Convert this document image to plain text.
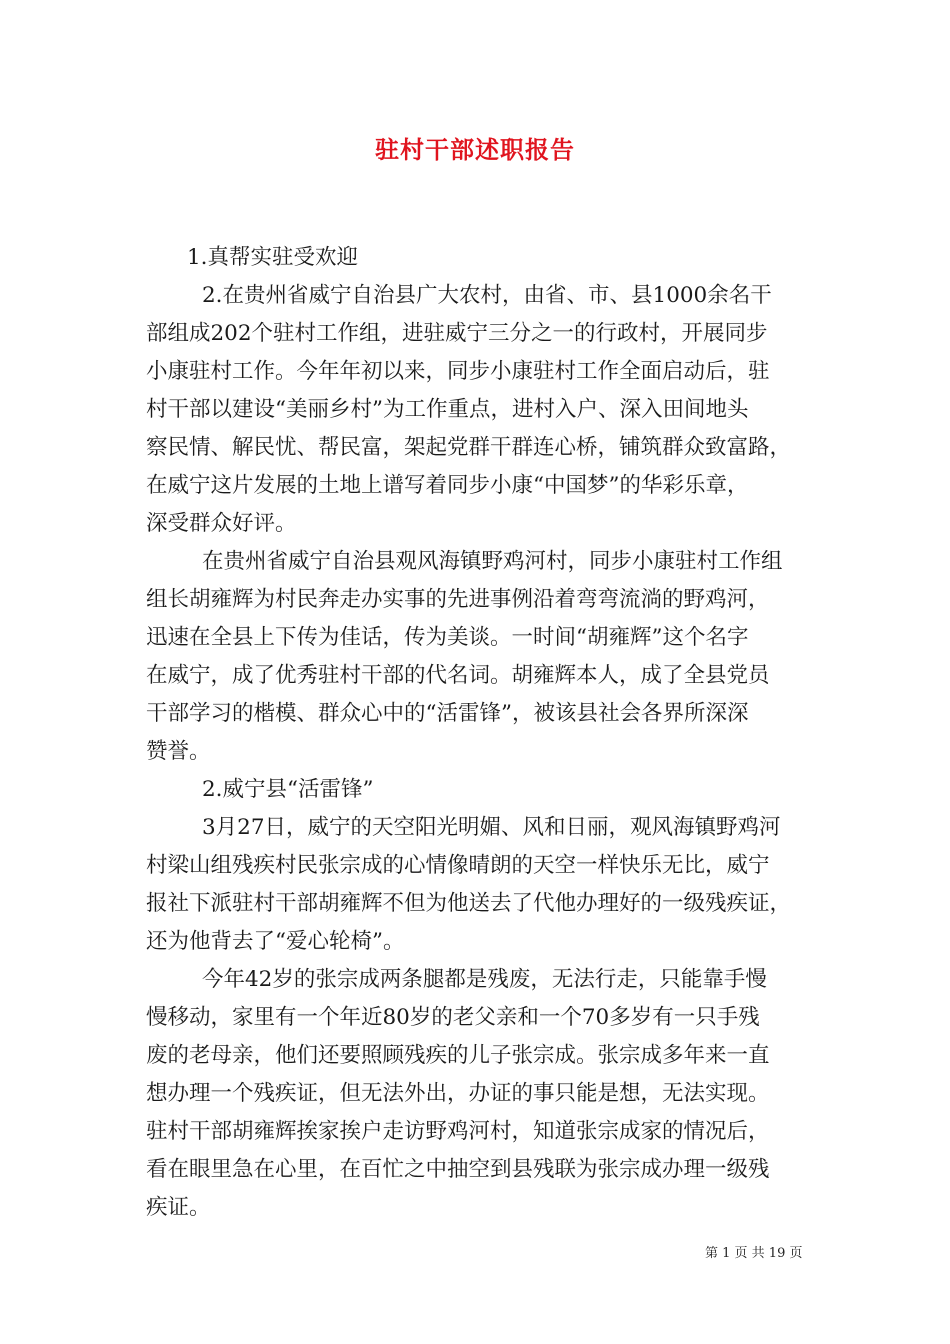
驻村干部述职报告
1.真帮实驻受欢迎
2.在贵州省威宁自治县广大农村，由省、市、县1000余名干
部组成202个驻村工作组，进驻威宁三分之一的行政村，开展同步
小康驻村工作。今年年初以来，同步小康驻村工作全面启动后，驻
村干部以建设“美丽乡村”为工作重点，进村入户、深入田间地头
察民情、解民忧、帮民富，架起党群干群连心桥，铺筑群众致富路，
在威宁这片发展的土地上谱写着同步小康“中国梦”的华彩乐章，
深受群众好评。
在贵州省威宁自治县观风海镇野鸡河村，同步小康驻村工作组
组长胡雍辉为村民奔走办实事的先进事例沿着弯弯流淌的野鸡河，
迅速在全县上下传为佳话，传为美谈。一时间“胡雍辉”这个名字
在威宁，成了优秀驻村干部的代名词。胡雍辉本人，成了全县党员
干部学习的楷模、群众心中的“活雷锋”，被该县社会各界所深深
赞誉。
2.威宁县“活雷锋”
3月27日，威宁的天空阳光明媚、风和日丽，观风海镇野鸡河
村梁山组残疾村民张宗成的心情像晴朗的天空一样快乐无比，威宁
报社下派驻村干部胡雍辉不但为他送去了代他办理好的一级残疾证，
还为他背去了“爱心轮椅”。
今年42岁的张宗成两条腿都是残废，无法行走，只能靠手慢
慢移动，家里有一个年近80岁的老父亲和一个70多岁有一只手残
废的老母亲，他们还要照顾残疾的儿子张宗成。张宗成多年来一直
想办理一个残疾证，但无法外出，办证的事只能是想，无法实现。
驻村干部胡雍辉挨家挨户走访野鸡河村，知道张宗成家的情况后，
看在眼里急在心里，在百忙之中抽空到县残联为张宗成办理一级残
疾证。
第 1 页 共 19 页
